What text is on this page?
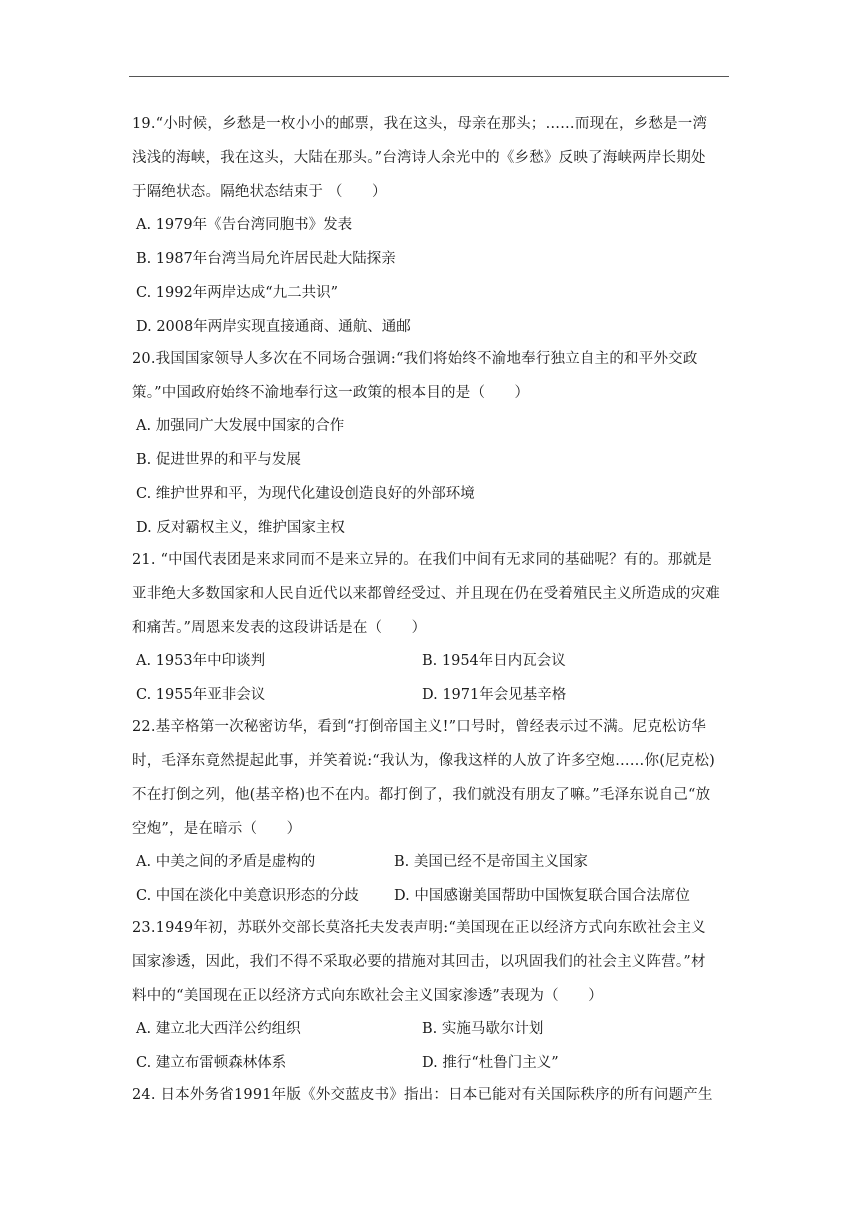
19.“小时候，乡愁是一枚小小的邮票，我在这头，母亲在那头；……而现在，乡愁是一湾

浅浅的海峡，我在这头，大陆在那头。”台湾诗人余光中的《乡愁》反映了海峡两岸长期处

于隔绝状态。隔绝状态结束于 （　　）

A. 1979年《告台湾同胞书》发表
B. 1987年台湾当局允许居民赴大陆探亲
C. 1992年两岸达成“九二共识”
D. 2008年两岸实现直接通商、通航、通邮

20.我国国家领导人多次在不同场合强调:“我们将始终不渝地奉行独立自主的和平外交政

策。”中国政府始终不渝地奉行这一政策的根本目的是（　　）

A. 加强同广大发展中国家的合作
B. 促进世界的和平与发展
C. 维护世界和平，为现代化建设创造良好的外部环境
D. 反对霸权主义，维护国家主权

21. “中国代表团是来求同而不是来立异的。在我们中间有无求同的基础呢？有的。那就是

亚非绝大多数国家和人民自近代以来都曾经受过、并且现在仍在受着殖民主义所造成的灾难

和痛苦。”周恩来发表的这段讲话是在（　　）

A. 1953年中印谈判	B. 1954年日内瓦会议
C. 1955年亚非会议	D. 1971年会见基辛格

22.基辛格第一次秘密访华，看到“打倒帝国主义!”口号时，曾经表示过不满。尼克松访华

时，毛泽东竟然提起此事，并笑着说:“我认为，像我这样的人放了许多空炮……你(尼克松)

不在打倒之列，他(基辛格)也不在内。都打倒了，我们就没有朋友了嘛。”毛泽东说自己“放

空炮”，是在暗示（　　）

A. 中美之间的矛盾是虚构的	B. 美国已经不是帝国主义国家
C. 中国在淡化中美意识形态的分歧	D. 中国感谢美国帮助中国恢复联合国合法席位

23.1949年初，苏联外交部长莫洛托夫发表声明:“美国现在正以经济方式向东欧社会主义

国家渗透，因此，我们不得不采取必要的措施对其回击，以巩固我们的社会主义阵营。”材

料中的“美国现在正以经济方式向东欧社会主义国家渗透”表现为（　　）

A. 建立北大西洋公约组织	B. 实施马歇尔计划
C. 建立布雷顿森林体系	D. 推行“杜鲁门主义”

24. 日本外务省1991年版《外交蓝皮书》指出：日本已能对有关国际秩序的所有问题产生
